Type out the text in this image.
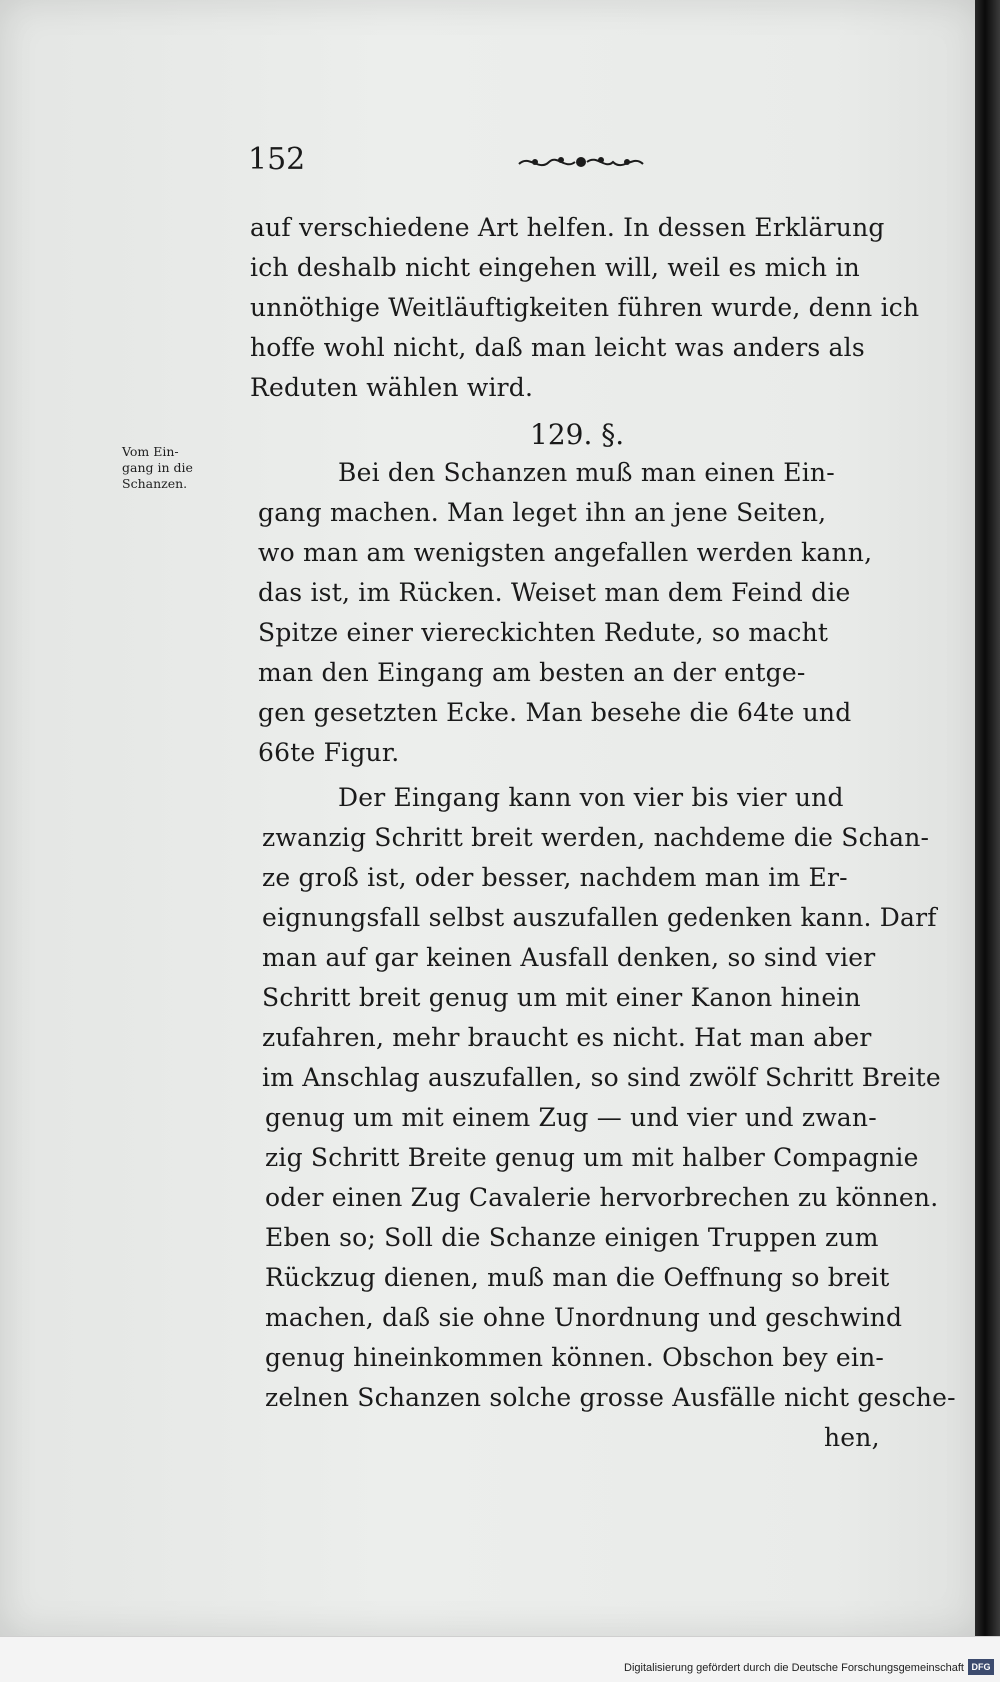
152
Vom Ein-
gang in die
Schanzen.
auf verschiedene Art helfen. In dessen Erklärung
ich deshalb nicht eingehen will, weil es mich in
unnöthige Weitläuftigkeiten führen wurde, denn ich
hoffe wohl nicht, daß man leicht was anders als
Reduten wählen wird.
129. §.
Bei den Schanzen muß man einen Ein-
gang machen. Man leget ihn an jene Seiten,
wo man am wenigsten angefallen werden kann,
das ist, im Rücken. Weiset man dem Feind die
Spitze einer viereckichten Redute, so macht
man den Eingang am besten an der entge-
gen gesetzten Ecke. Man besehe die 64te und
66te Figur.
Der Eingang kann von vier bis vier und
zwanzig Schritt breit werden, nachdeme die Schan-
ze groß ist, oder besser, nachdem man im Er-
eignungsfall selbst auszufallen gedenken kann. Darf
man auf gar keinen Ausfall denken, so sind vier
Schritt breit genug um mit einer Kanon hinein
zufahren, mehr braucht es nicht. Hat man aber
im Anschlag auszufallen, so sind zwölf Schritt Breite
genug um mit einem Zug — und vier und zwan-
zig Schritt Breite genug um mit halber Compagnie
oder einen Zug Cavalerie hervorbrechen zu können.
Eben so; Soll die Schanze einigen Truppen zum
Rückzug dienen, muß man die Oeffnung so breit
machen, daß sie ohne Unordnung und geschwind
genug hineinkommen können. Obschon bey ein-
zelnen Schanzen solche grosse Ausfälle nicht gesche-
hen,
Digitalisierung gefördert durch die Deutsche Forschungsgemeinschaft DFG
